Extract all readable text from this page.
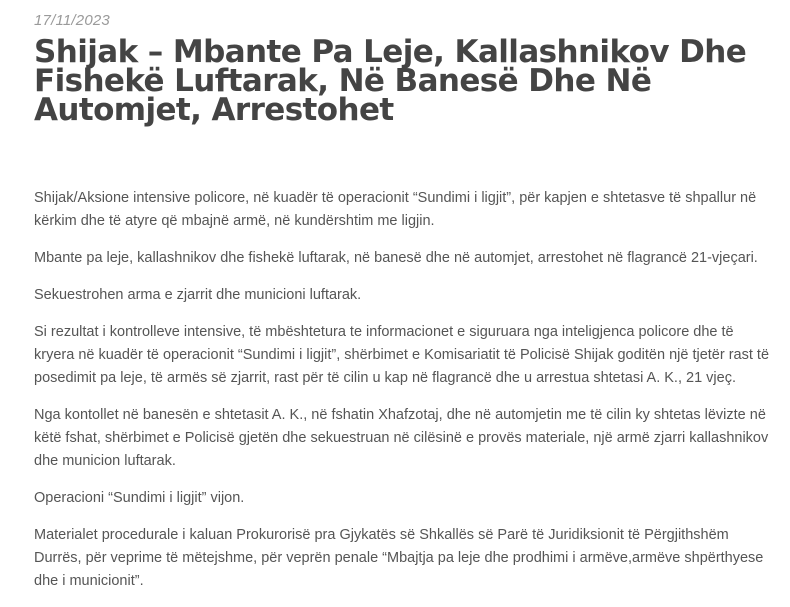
17/11/2023
Shijak – Mbante Pa Leje, Kallashnikov Dhe Fishekë Luftarak, Në Banesë Dhe Në Automjet, Arrestohet

Shijak/Aksione intensive policore, në kuadër të operacionit “Sundimi i ligjit”, për kapjen e shtetasve të shpallur në kërkim dhe të atyre që mbajnë armë, në kundërshtim me ligjin.

Mbante pa leje, kallashnikov dhe fishekë luftarak, në banesë dhe në automjet, arrestohet në flagrancë 21-vjeçari.

Sekuestrohen arma e zjarrit dhe municioni luftarak.

Si rezultat i kontrolleve intensive, të mbështetura te informacionet e siguruara nga inteligjenca policore dhe të kryera në kuadër të operacionit “Sundimi i ligjit”, shërbimet e Komisariatit të Policisë Shijak goditën një tjetër rast të posedimit pa leje, të armës së zjarrit, rast për të cilin u kap në flagrancë dhe u arrestua shtetasi A. K., 21 vjeç.

Nga kontollet në banesën e shtetasit A. K., në fshatin Xhafzotaj, dhe në automjetin me të cilin ky shtetas lëvizte në këtë fshat, shërbimet e Policisë gjetën dhe sekuestruan në cilësinë e provës materiale, një armë zjarri kallashnikov dhe municion luftarak.

Operacioni “Sundimi i ligjit” vijon.

Materialet procedurale i kaluan Prokurorisë pra Gjykatës së Shkallës së Parë të Juridiksionit të Përgjithshëm Durrës, për veprime të mëtejshme, për veprën penale “Mbajtja pa leje dhe prodhimi i armëve,armëve shpërthyese dhe i municionit”.
